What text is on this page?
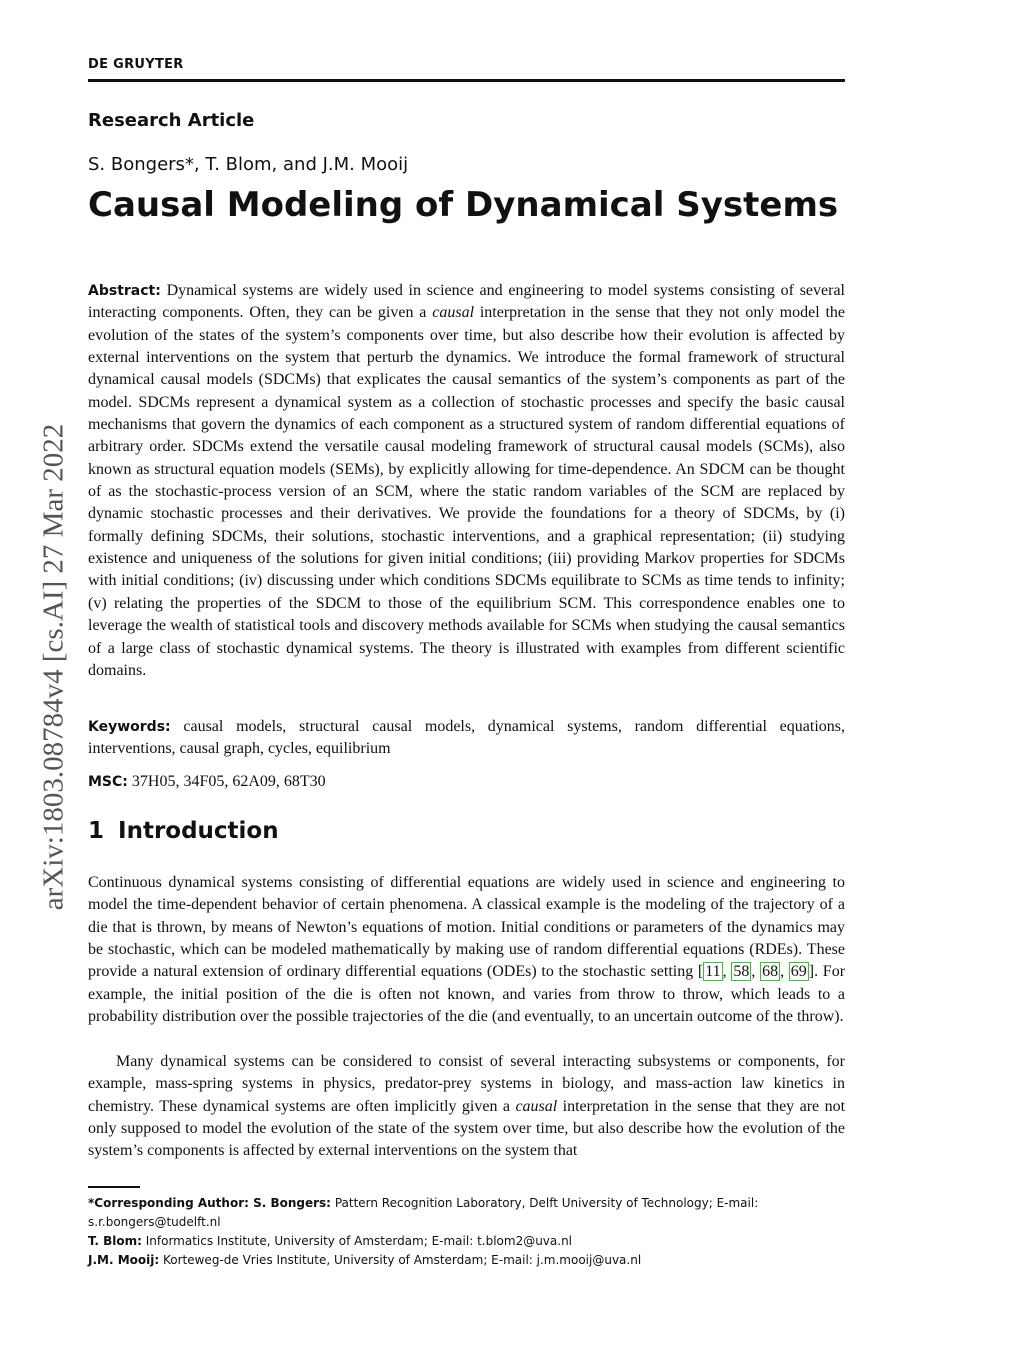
DE GRUYTER
arXiv:1803.08784v4 [cs.AI] 27 Mar 2022
Research Article
S. Bongers*, T. Blom, and J.M. Mooij
Causal Modeling of Dynamical Systems

Abstract: Dynamical systems are widely used in science and engineering to model systems consisting of several interacting components. Often, they can be given a causal interpretation in the sense that they not only model the evolution of the states of the system’s components over time, but also describe how their evolution is affected by external interventions on the system that perturb the dynamics. We introduce the formal framework of structural dynamical causal models (SDCMs) that explicates the causal semantics of the system’s components as part of the model. SDCMs represent a dynamical system as a collection of stochastic processes and specify the basic causal mechanisms that govern the dynamics of each component as a structured system of random differential equations of arbitrary order. SDCMs extend the versatile causal modeling framework of structural causal models (SCMs), also known as structural equation models (SEMs), by explicitly allowing for time-dependence. An SDCM can be thought of as the stochastic-process version of an SCM, where the static random variables of the SCM are replaced by dynamic stochastic processes and their derivatives. We provide the foundations for a theory of SDCMs, by (i) formally defining SDCMs, their solutions, stochastic interventions, and a graphical representation; (ii) studying existence and uniqueness of the solutions for given initial conditions; (iii) providing Markov properties for SDCMs with initial conditions; (iv) discussing under which conditions SDCMs equilibrate to SCMs as time tends to infinity; (v) relating the properties of the SDCM to those of the equilibrium SCM. This correspondence enables one to leverage the wealth of statistical tools and discovery methods available for SCMs when studying the causal semantics of a large class of stochastic dynamical systems. The theory is illustrated with examples from different scientific domains.

Keywords: causal models, structural causal models, dynamical systems, random differential equations, interventions, causal graph, cycles, equilibrium

MSC: 37H05, 34F05, 62A09, 68T30

1 Introduction

Continuous dynamical systems consisting of differential equations are widely used in science and engineering to model the time-dependent behavior of certain phenomena. A classical example is the modeling of the trajectory of a die that is thrown, by means of Newton’s equations of motion. Initial conditions or parameters of the dynamics may be stochastic, which can be modeled mathematically by making use of random differential equations (RDEs). These provide a natural extension of ordinary differential equations (ODEs) to the stochastic setting [ 11 , 58 , 68 , 69 ]. For example, the initial position of the die is often not known, and varies from throw to throw, which leads to a probability distribution over the possible trajectories of the die (and eventually, to an uncertain outcome of the throw).

Many dynamical systems can be considered to consist of several interacting subsystems or components, for example, mass-spring systems in physics, predator-prey systems in biology, and mass-action law kinetics in chemistry. These dynamical systems are often implicitly given a causal interpretation in the sense that they are not only supposed to model the evolution of the state of the system over time, but also describe how the evolution of the system’s components is affected by external interventions on the system that

*Corresponding Author: S. Bongers: Pattern Recognition Laboratory, Delft University of Technology; E-mail: s.r.bongers@tudelft.nl

T. Blom: Informatics Institute, University of Amsterdam; E-mail: t.blom2@uva.nl

J.M. Mooij: Korteweg-de Vries Institute, University of Amsterdam; E-mail: j.m.mooij@uva.nl
